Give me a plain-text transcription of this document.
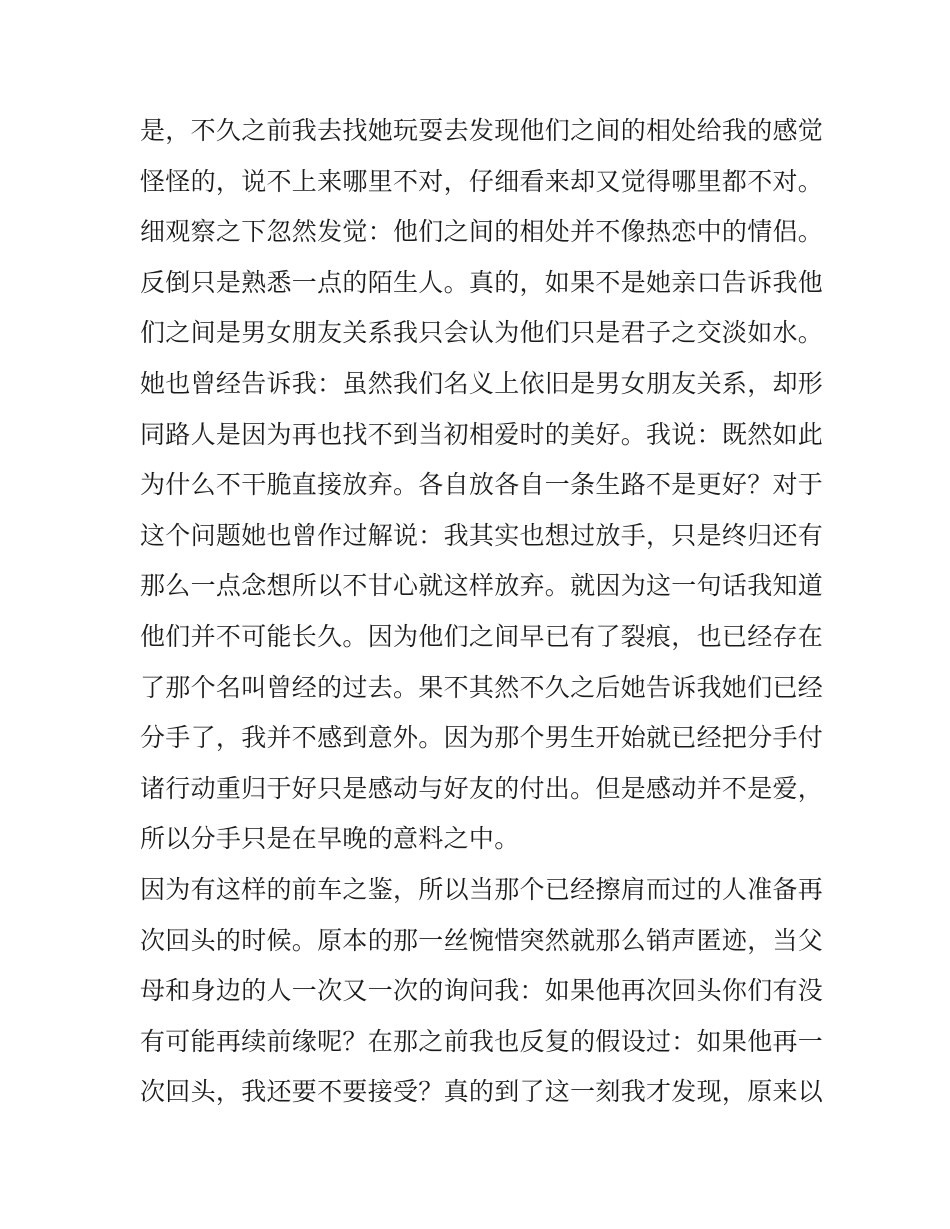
是，不久之前我去找她玩耍去发现他们之间的相处给我的感觉
怪怪的，说不上来哪里不对，仔细看来却又觉得哪里都不对。
细观察之下忽然发觉：他们之间的相处并不像热恋中的情侣。
反倒只是熟悉一点的陌生人。真的，如果不是她亲口告诉我他
们之间是男女朋友关系我只会认为他们只是君子之交淡如水。
她也曾经告诉我：虽然我们名义上依旧是男女朋友关系，却形
同路人是因为再也找不到当初相爱时的美好。我说：既然如此
为什么不干脆直接放弃。各自放各自一条生路不是更好？对于
这个问题她也曾作过解说：我其实也想过放手，只是终归还有
那么一点念想所以不甘心就这样放弃。就因为这一句话我知道
他们并不可能长久。因为他们之间早已有了裂痕，也已经存在
了那个名叫曾经的过去。果不其然不久之后她告诉我她们已经
分手了，我并不感到意外。因为那个男生开始就已经把分手付
诸行动重归于好只是感动与好友的付出。但是感动并不是爱，
所以分手只是在早晚的意料之中。
因为有这样的前车之鉴，所以当那个已经擦肩而过的人准备再
次回头的时候。原本的那一丝惋惜突然就那么销声匿迹，当父
母和身边的人一次又一次的询问我：如果他再次回头你们有没
有可能再续前缘呢？在那之前我也反复的假设过：如果他再一
次回头，我还要不要接受？真的到了这一刻我才发现，原来以
